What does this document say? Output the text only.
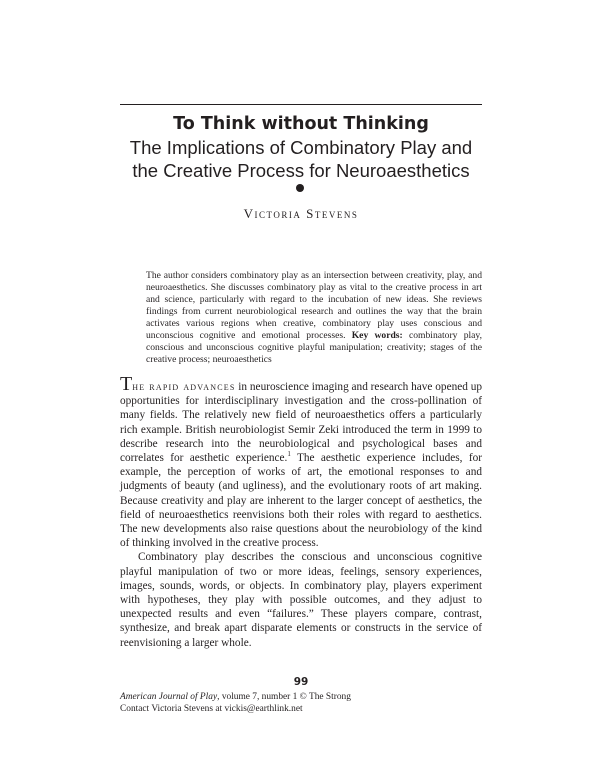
To Think without Thinking
The Implications of Combinatory Play and
the Creative Process for Neuroaesthetics
Victoria Stevens

The author considers combinatory play as an intersection between creativity, play, and neuroaesthetics. She discusses combinatory play as vital to the creative process in art and science, particularly with regard to the incubation of new ideas. She reviews findings from current neurobiological research and outlines the way that the brain activates various regions when creative, combinatory play uses conscious and unconscious cognitive and emotional processes. Key words: combinatory play, conscious and unconscious cognitive playful manipulation; creativity; stages of the creative process; neuroaesthetics

The rapid advances in neuroscience imaging and research have opened up opportunities for interdisciplinary investigation and the cross-pollination of many fields. The relatively new field of neuroaesthetics offers a particularly rich example. British neurobiologist Semir Zeki introduced the term in 1999 to describe research into the neurobiological and psychological bases and correlates for aesthetic experience.$^1$ The aesthetic experience includes, for example, the perception of works of art, the emotional responses to and judgments of beauty (and ugliness), and the evolutionary roots of art making. Because creativity and play are inherent to the larger concept of aesthetics, the field of neuroaesthetics reenvisions both their roles with regard to aesthetics. The new developments also raise questions about the neurobiology of the kind of thinking involved in the creative process.

Combinatory play describes the conscious and unconscious cognitive playful manipulation of two or more ideas, feelings, sensory experiences, images, sounds, words, or objects. In combinatory play, players experiment with hypotheses, they play with possible outcomes, and they adjust to unexpected results and even “failures.” These players compare, contrast, synthesize, and break apart disparate elements or constructs in the service of reenvisioning a larger whole.

99
American Journal of Play, volume 7, number 1 © The Strong
Contact Victoria Stevens at vickis@earthlink.net
